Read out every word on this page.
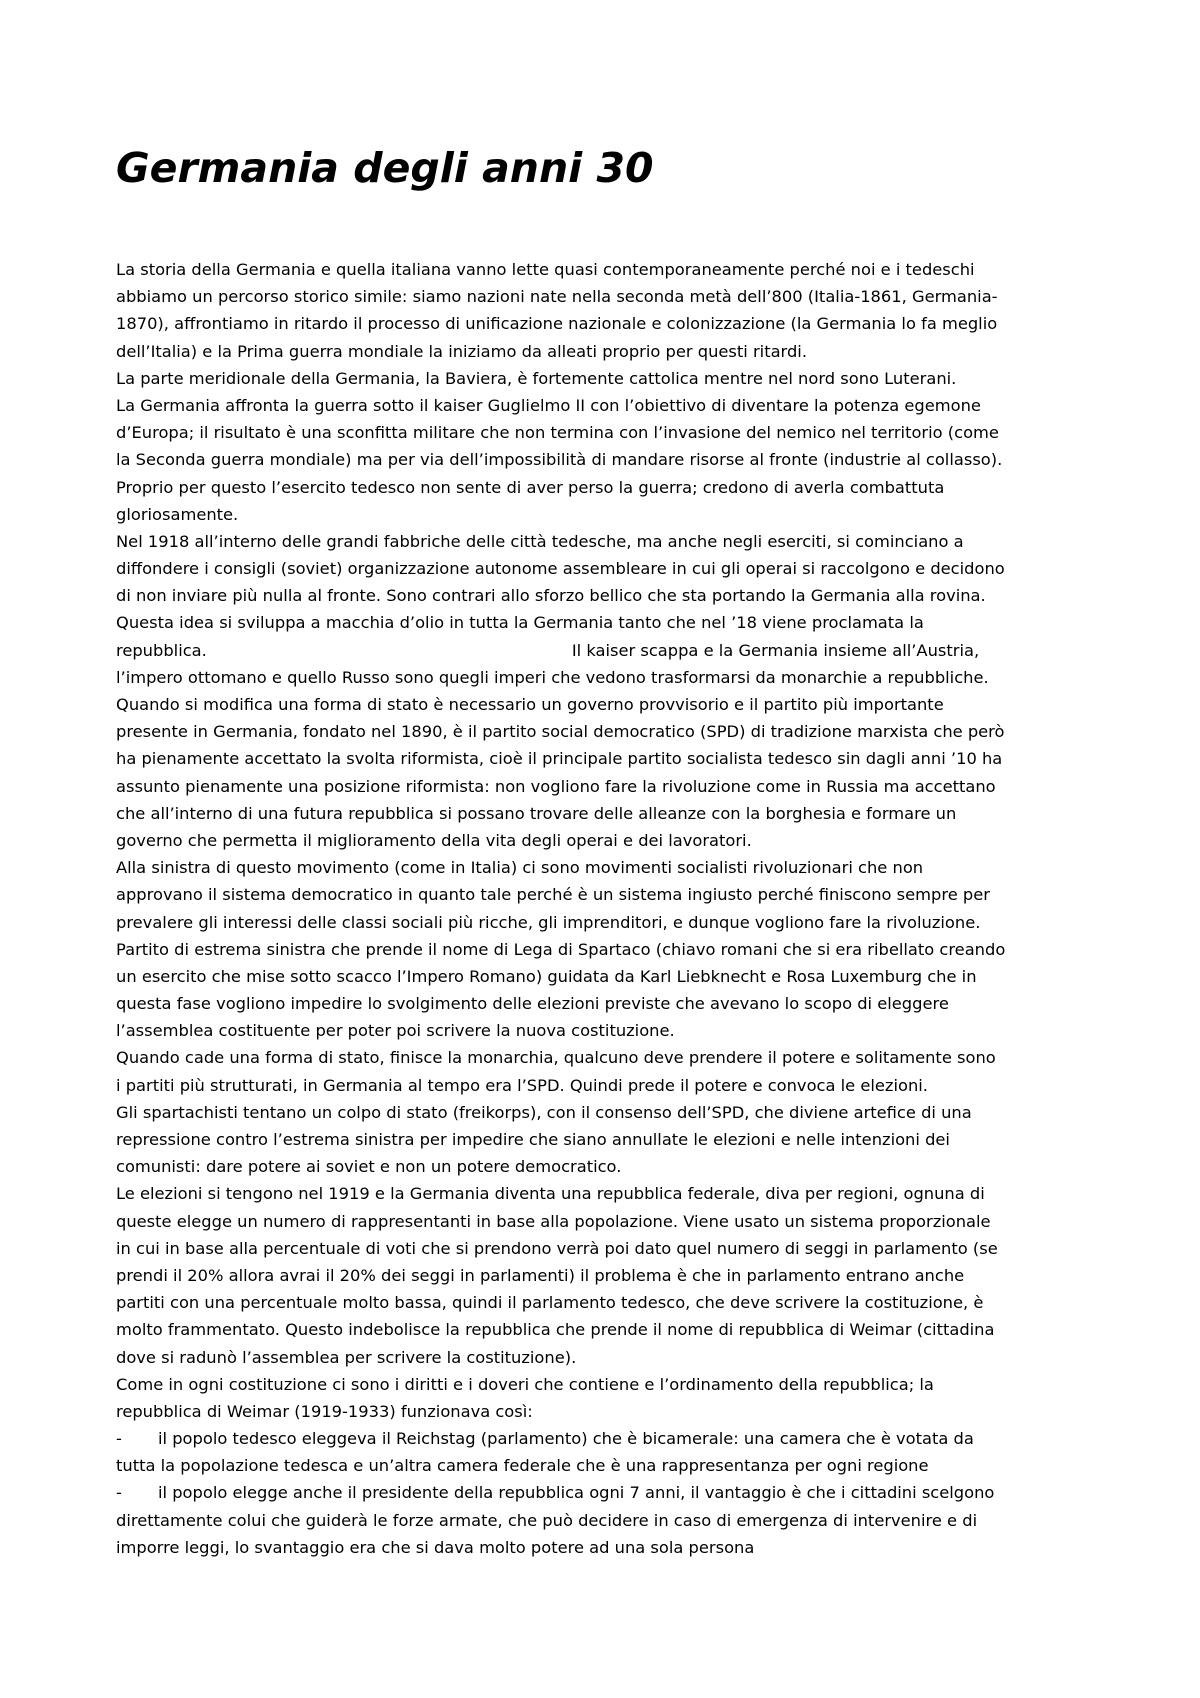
Germania degli anni 30
La storia della Germania e quella italiana vanno lette quasi contemporaneamente perché noi e i tedeschi
abbiamo un percorso storico simile: siamo nazioni nate nella seconda metà dell’800 (Italia-1861, Germania-
1870), affrontiamo in ritardo il processo di unificazione nazionale e colonizzazione (la Germania lo fa meglio
dell’Italia) e la Prima guerra mondiale la iniziamo da alleati proprio per questi ritardi.
La parte meridionale della Germania, la Baviera, è fortemente cattolica mentre nel nord sono Luterani.
La Germania affronta la guerra sotto il kaiser Guglielmo II con l’obiettivo di diventare la potenza egemone
d’Europa; il risultato è una sconfitta militare che non termina con l’invasione del nemico nel territorio (come
la Seconda guerra mondiale) ma per via dell’impossibilità di mandare risorse al fronte (industrie al collasso).
Proprio per questo l’esercito tedesco non sente di aver perso la guerra; credono di averla combattuta
gloriosamente.
Nel 1918 all’interno delle grandi fabbriche delle città tedesche, ma anche negli eserciti, si cominciano a
diffondere i consigli (soviet) organizzazione autonome assembleare in cui gli operai si raccolgono e decidono
di non inviare più nulla al fronte. Sono contrari allo sforzo bellico che sta portando la Germania alla rovina.
Questa idea si sviluppa a macchia d’olio in tutta la Germania tanto che nel ’18 viene proclamata la
repubblica.	Il kaiser scappa e la Germania insieme all’Austria,
l’impero ottomano e quello Russo sono quegli imperi che vedono trasformarsi da monarchie a repubbliche.
Quando si modifica una forma di stato è necessario un governo provvisorio e il partito più importante
presente in Germania, fondato nel 1890, è il partito social democratico (SPD) di tradizione marxista che però
ha pienamente accettato la svolta riformista, cioè il principale partito socialista tedesco sin dagli anni ’10 ha
assunto pienamente una posizione riformista: non vogliono fare la rivoluzione come in Russia ma accettano
che all’interno di una futura repubblica si possano trovare delle alleanze con la borghesia e formare un
governo che permetta il miglioramento della vita degli operai e dei lavoratori.
Alla sinistra di questo movimento (come in Italia) ci sono movimenti socialisti rivoluzionari che non
approvano il sistema democratico in quanto tale perché è un sistema ingiusto perché finiscono sempre per
prevalere gli interessi delle classi sociali più ricche, gli imprenditori, e dunque vogliono fare la rivoluzione.
Partito di estrema sinistra che prende il nome di Lega di Spartaco (chiavo romani che si era ribellato creando
un esercito che mise sotto scacco l’Impero Romano) guidata da Karl Liebknecht e Rosa Luxemburg che in
questa fase vogliono impedire lo svolgimento delle elezioni previste che avevano lo scopo di eleggere
l’assemblea costituente per poter poi scrivere la nuova costituzione.
Quando cade una forma di stato, finisce la monarchia, qualcuno deve prendere il potere e solitamente sono
i partiti più strutturati, in Germania al tempo era l’SPD. Quindi prede il potere e convoca le elezioni.
Gli spartachisti tentano un colpo di stato (freikorps), con il consenso dell’SPD, che diviene artefice di una
repressione contro l’estrema sinistra per impedire che siano annullate le elezioni e nelle intenzioni dei
comunisti: dare potere ai soviet e non un potere democratico.
Le elezioni si tengono nel 1919 e la Germania diventa una repubblica federale, diva per regioni, ognuna di
queste elegge un numero di rappresentanti in base alla popolazione. Viene usato un sistema proporzionale
in cui in base alla percentuale di voti che si prendono verrà poi dato quel numero di seggi in parlamento (se
prendi il 20% allora avrai il 20% dei seggi in parlamenti) il problema è che in parlamento entrano anche
partiti con una percentuale molto bassa, quindi il parlamento tedesco, che deve scrivere la costituzione, è
molto frammentato. Questo indebolisce la repubblica che prende il nome di repubblica di Weimar (cittadina
dove si radunò l’assemblea per scrivere la costituzione).
Come in ogni costituzione ci sono i diritti e i doveri che contiene e l’ordinamento della repubblica; la
repubblica di Weimar (1919-1933) funzionava così:
- il popolo tedesco eleggeva il Reichstag (parlamento) che è bicamerale: una camera che è votata da
tutta la popolazione tedesca e un’altra camera federale che è una rappresentanza per ogni regione
- il popolo elegge anche il presidente della repubblica ogni 7 anni, il vantaggio è che i cittadini scelgono
direttamente colui che guiderà le forze armate, che può decidere in caso di emergenza di intervenire e di
imporre leggi, lo svantaggio era che si dava molto potere ad una sola persona
